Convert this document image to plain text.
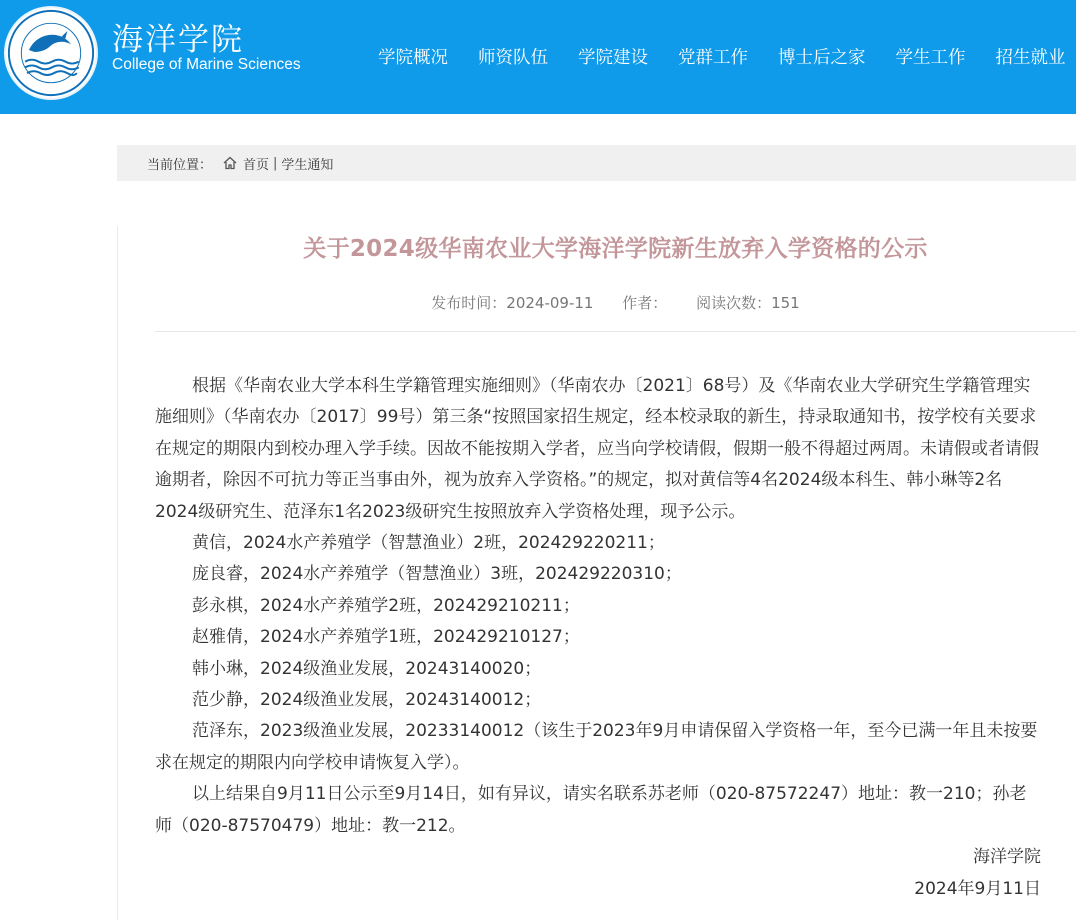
海洋学院
College of Marine Sciences	学院概况	师资队伍	学院建设	党群工作	博士后之家	学生工作	招生就业
当前位置： 首页 | 学生通知
关于2024级华南农业大学海洋学院新生放弃入学资格的公示
发布时间：2024-09-11 作者： 阅读次数：151

根据《华南农业大学本科生学籍管理实施细则》（华南农办〔2021〕68号）及《华南农业大学研究生学籍管理实施细则》（华南农办〔2017〕99号）第三条“按照国家招生规定，经本校录取的新生，持录取通知书，按学校有关要求在规定的期限内到校办理入学手续。因故不能按期入学者，应当向学校请假，假期一般不得超过两周。未请假或者请假逾期者，除因不可抗力等正当事由外，视为放弃入学资格。”的规定，拟对黄信等4名2024级本科生、韩小琳等2名2024级研究生、范泽东1名2023级研究生按照放弃入学资格处理，现予公示。

黄信，2024水产养殖学（智慧渔业）2班，202429220211；

庞良睿，2024水产养殖学（智慧渔业）3班，202429220310；

彭永棋，2024水产养殖学2班，202429210211；

赵雅倩，2024水产养殖学1班，202429210127；

韩小琳，2024级渔业发展，20243140020；

范少静，2024级渔业发展，20243140012；

范泽东，2023级渔业发展，20233140012（该生于2023年9月申请保留入学资格一年，至今已满一年且未按要求在规定的期限内向学校申请恢复入学）。

以上结果自9月11日公示至9月14日，如有异议，请实名联系苏老师（020-87572247）地址：教一210；孙老师（020-87570479）地址：教一212。

海洋学院

2024年9月11日
